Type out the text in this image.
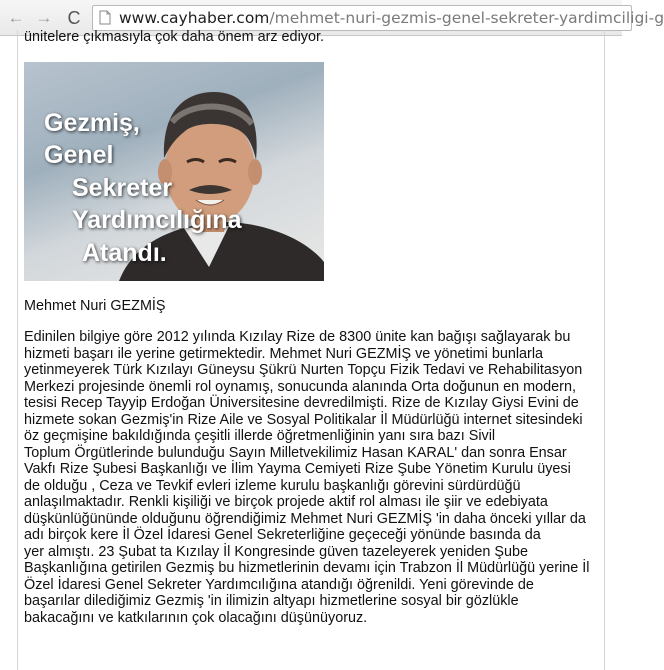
← → C www.cayhaber.com/mehmet-nuri-gezmis-genel-sekreter-yardimciligi-g
ünitelere çıkmasıyla çok daha önem arz ediyor.
Gezmiş,
Genel
Sekreter
Yardımcılığına
Atandı.
Mehmet Nuri GEZMİŞ
Edinilen bilgiye göre 2012 yılında Kızılay Rize de 8300 ünite kan bağışı sağlayarak bu
hizmeti başarı ile yerine getirmektedir. Mehmet Nuri GEZMİŞ ve yönetimi bunlarla
yetinmeyerek Türk Kızılayı Güneysu Şükrü Nurten Topçu Fizik Tedavi ve Rehabilitasyon
Merkezi projesinde önemli rol oynamış, sonucunda alanında Orta doğunun en modern,
tesisi Recep Tayyip Erdoğan Üniversitesine devredilmişti. Rize de Kızılay Giysi Evini de
hizmete sokan Gezmiş'in Rize Aile ve Sosyal Politikalar İl Müdürlüğü internet sitesindeki
öz geçmişine bakıldığında çeşitli illerde öğretmenliğinin yanı sıra bazı Sivil
Toplum Örgütlerinde bulunduğu Sayın Milletvekilimiz Hasan KARAL' dan sonra Ensar
Vakfı Rize Şubesi Başkanlığı ve İlim Yayma Cemiyeti Rize Şube Yönetim Kurulu üyesi
de olduğu , Ceza ve Tevkif evleri izleme kurulu başkanlığı görevini sürdürdüğü
anlaşılmaktadır. Renkli kişiliği ve birçok projede aktif rol alması ile şiir ve edebiyata
düşkünlüğününde olduğunu öğrendiğimiz Mehmet Nuri GEZMİŞ 'in daha önceki yıllar da
adı birçok kere İl Özel İdaresi Genel Sekreterliğine geçeceği yönünde basında da
yer almıştı. 23 Şubat ta Kızılay İl Kongresinde güven tazeleyerek yeniden Şube
Başkanlığına getirilen Gezmiş bu hizmetlerinin devamı için Trabzon İl Müdürlüğü yerine İl
Özel İdaresi Genel Sekreter Yardımcılığına atandığı öğrenildi. Yeni görevinde de
başarılar dilediğimiz Gezmiş 'in ilimizin altyapı hizmetlerine sosyal bir gözlükle
bakacağını ve katkılarının çok olacağını düşünüyoruz.
